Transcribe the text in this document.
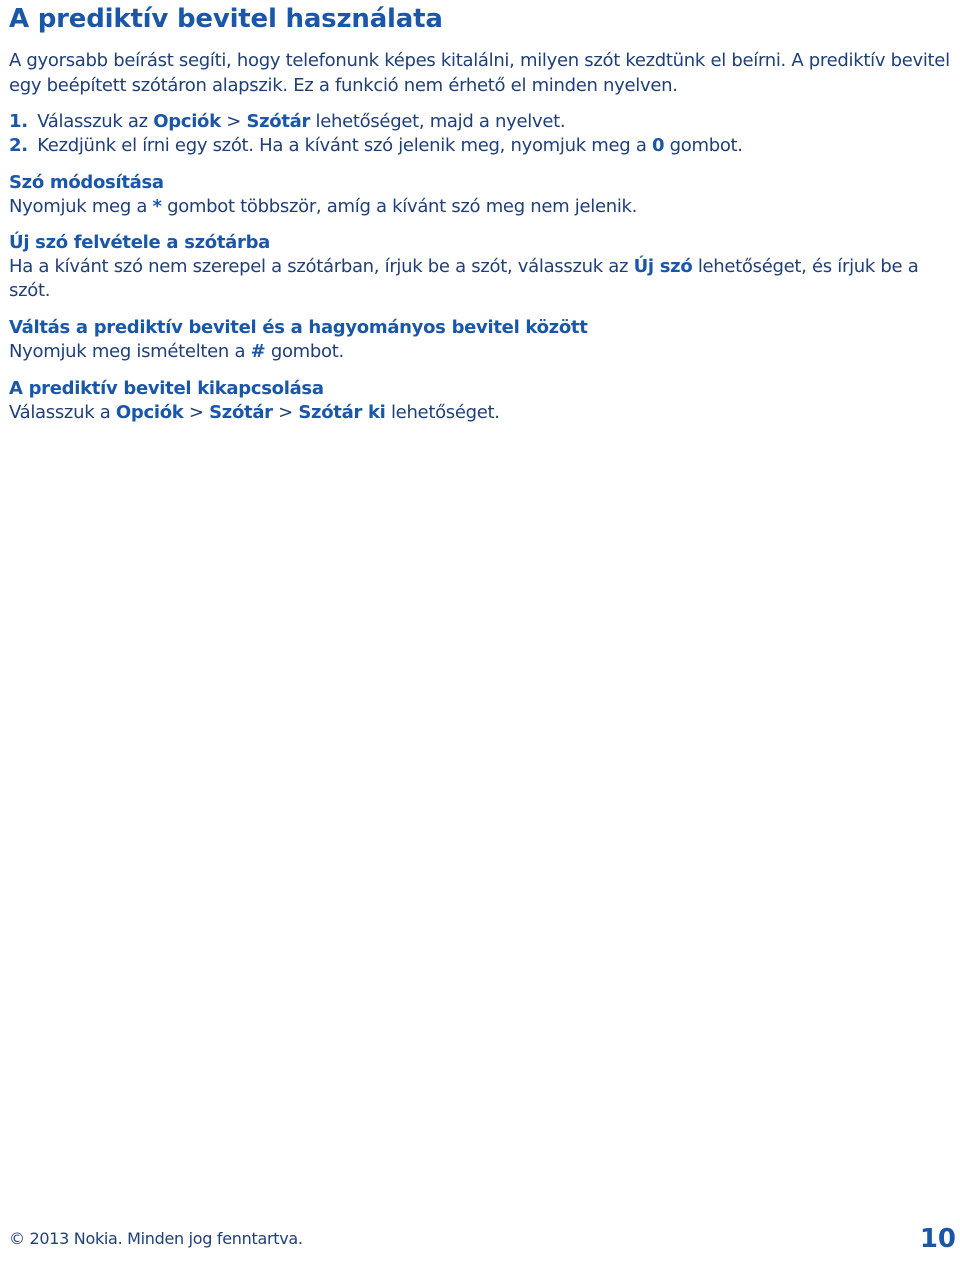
A prediktív bevitel használata

A gyorsabb beírást segíti, hogy telefonunk képes kitalálni, milyen szót kezdtünk el beírni. A prediktív bevitel egy beépített szótáron alapszik. Ez a funkció nem érhető el minden nyelven.

1. Válasszuk az Opciók > Szótár lehetőséget, majd a nyelvet.
2. Kezdjünk el írni egy szót. Ha a kívánt szó jelenik meg, nyomjuk meg a 0 gombot.
Szó módosítása

Nyomjuk meg a * gombot többször, amíg a kívánt szó meg nem jelenik.

Új szó felvétele a szótárba

Ha a kívánt szó nem szerepel a szótárban, írjuk be a szót, válasszuk az Új szó lehetőséget, és írjuk be a szót.

Váltás a prediktív bevitel és a hagyományos bevitel között

Nyomjuk meg ismételten a # gombot.

A prediktív bevitel kikapcsolása

Válasszuk a Opciók > Szótár > Szótár ki lehetőséget.

© 2013 Nokia. Minden jog fenntartva.	10
